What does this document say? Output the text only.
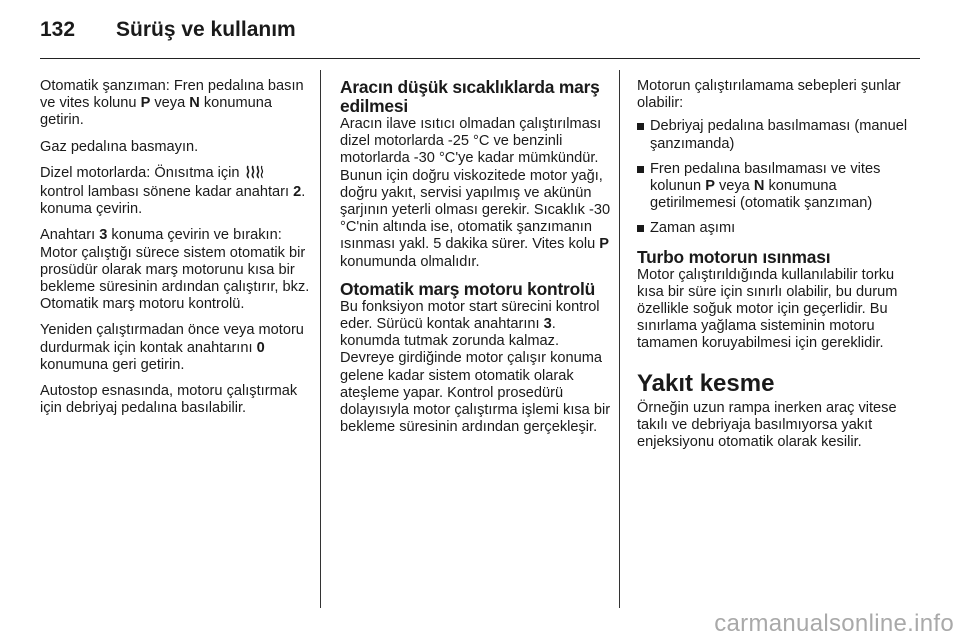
132	Sürüş ve kullanım

Otomatik şanzıman: Fren pedalına basın ve vites kolunu P veya N konumuna getirin.

Gaz pedalına basmayın.

Dizel motorlarda: Önısıtma için
kontrol lambası sönene kadar anahtarı 2. konuma çevirin.

Anahtarı 3 konuma çevirin ve bırakın: Motor çalıştığı sürece sistem otomatik bir prosüdür olarak marş motorunu kısa bir bekleme süresinin ardından çalıştırır, bkz. Otomatik marş motoru kontrolü.

Yeniden çalıştırmadan önce veya motoru durdurmak için kontak anahtarını 0 konumuna geri getirin.

Autostop esnasında, motoru çalıştırmak için debriyaj pedalına basılabilir.

Aracın düşük sıcaklıklarda marş edilmesi

Aracın ilave ısıtıcı olmadan çalıştırılması dizel motorlarda -25 °C ve benzinli motorlarda -30 °C'ye kadar mümkündür. Bunun için doğru viskozitede motor yağı, doğru yakıt, servisi yapılmış ve akünün şarjının yeterli olması gerekir. Sıcaklık -30 °C'nin altında ise, otomatik şanzımanın ısınması yakl. 5 dakika sürer. Vites kolu P konumunda olmalıdır.

Otomatik marş motoru kontrolü

Bu fonksiyon motor start sürecini kontrol eder. Sürücü kontak anahtarını 3. konumda tutmak zorunda kalmaz. Devreye girdiğinde motor çalışır konuma gelene kadar sistem otomatik olarak ateşleme yapar. Kontrol prosedürü dolayısıyla motor çalıştırma işlemi kısa bir bekleme süresinin ardından gerçekleşir.

Motorun çalıştırılamama sebepleri şunlar olabilir:

Debriyaj pedalına basılmaması (manuel şanzımanda)
Fren pedalına basılmaması ve vites kolunun P veya N konumuna getirilmemesi (otomatik şanzıman)
Zaman aşımı
Turbo motorun ısınması

Motor çalıştırıldığında kullanılabilir torku kısa bir süre için sınırlı olabilir, bu durum özellikle soğuk motor için geçerlidir. Bu sınırlama yağlama sisteminin motoru tamamen koruyabilmesi için gereklidir.

Yakıt kesme

Örneğin uzun rampa inerken araç vitese takılı ve debriyaja basılmıyorsa yakıt enjeksiyonu otomatik olarak kesilir.

carmanualsonline.info
